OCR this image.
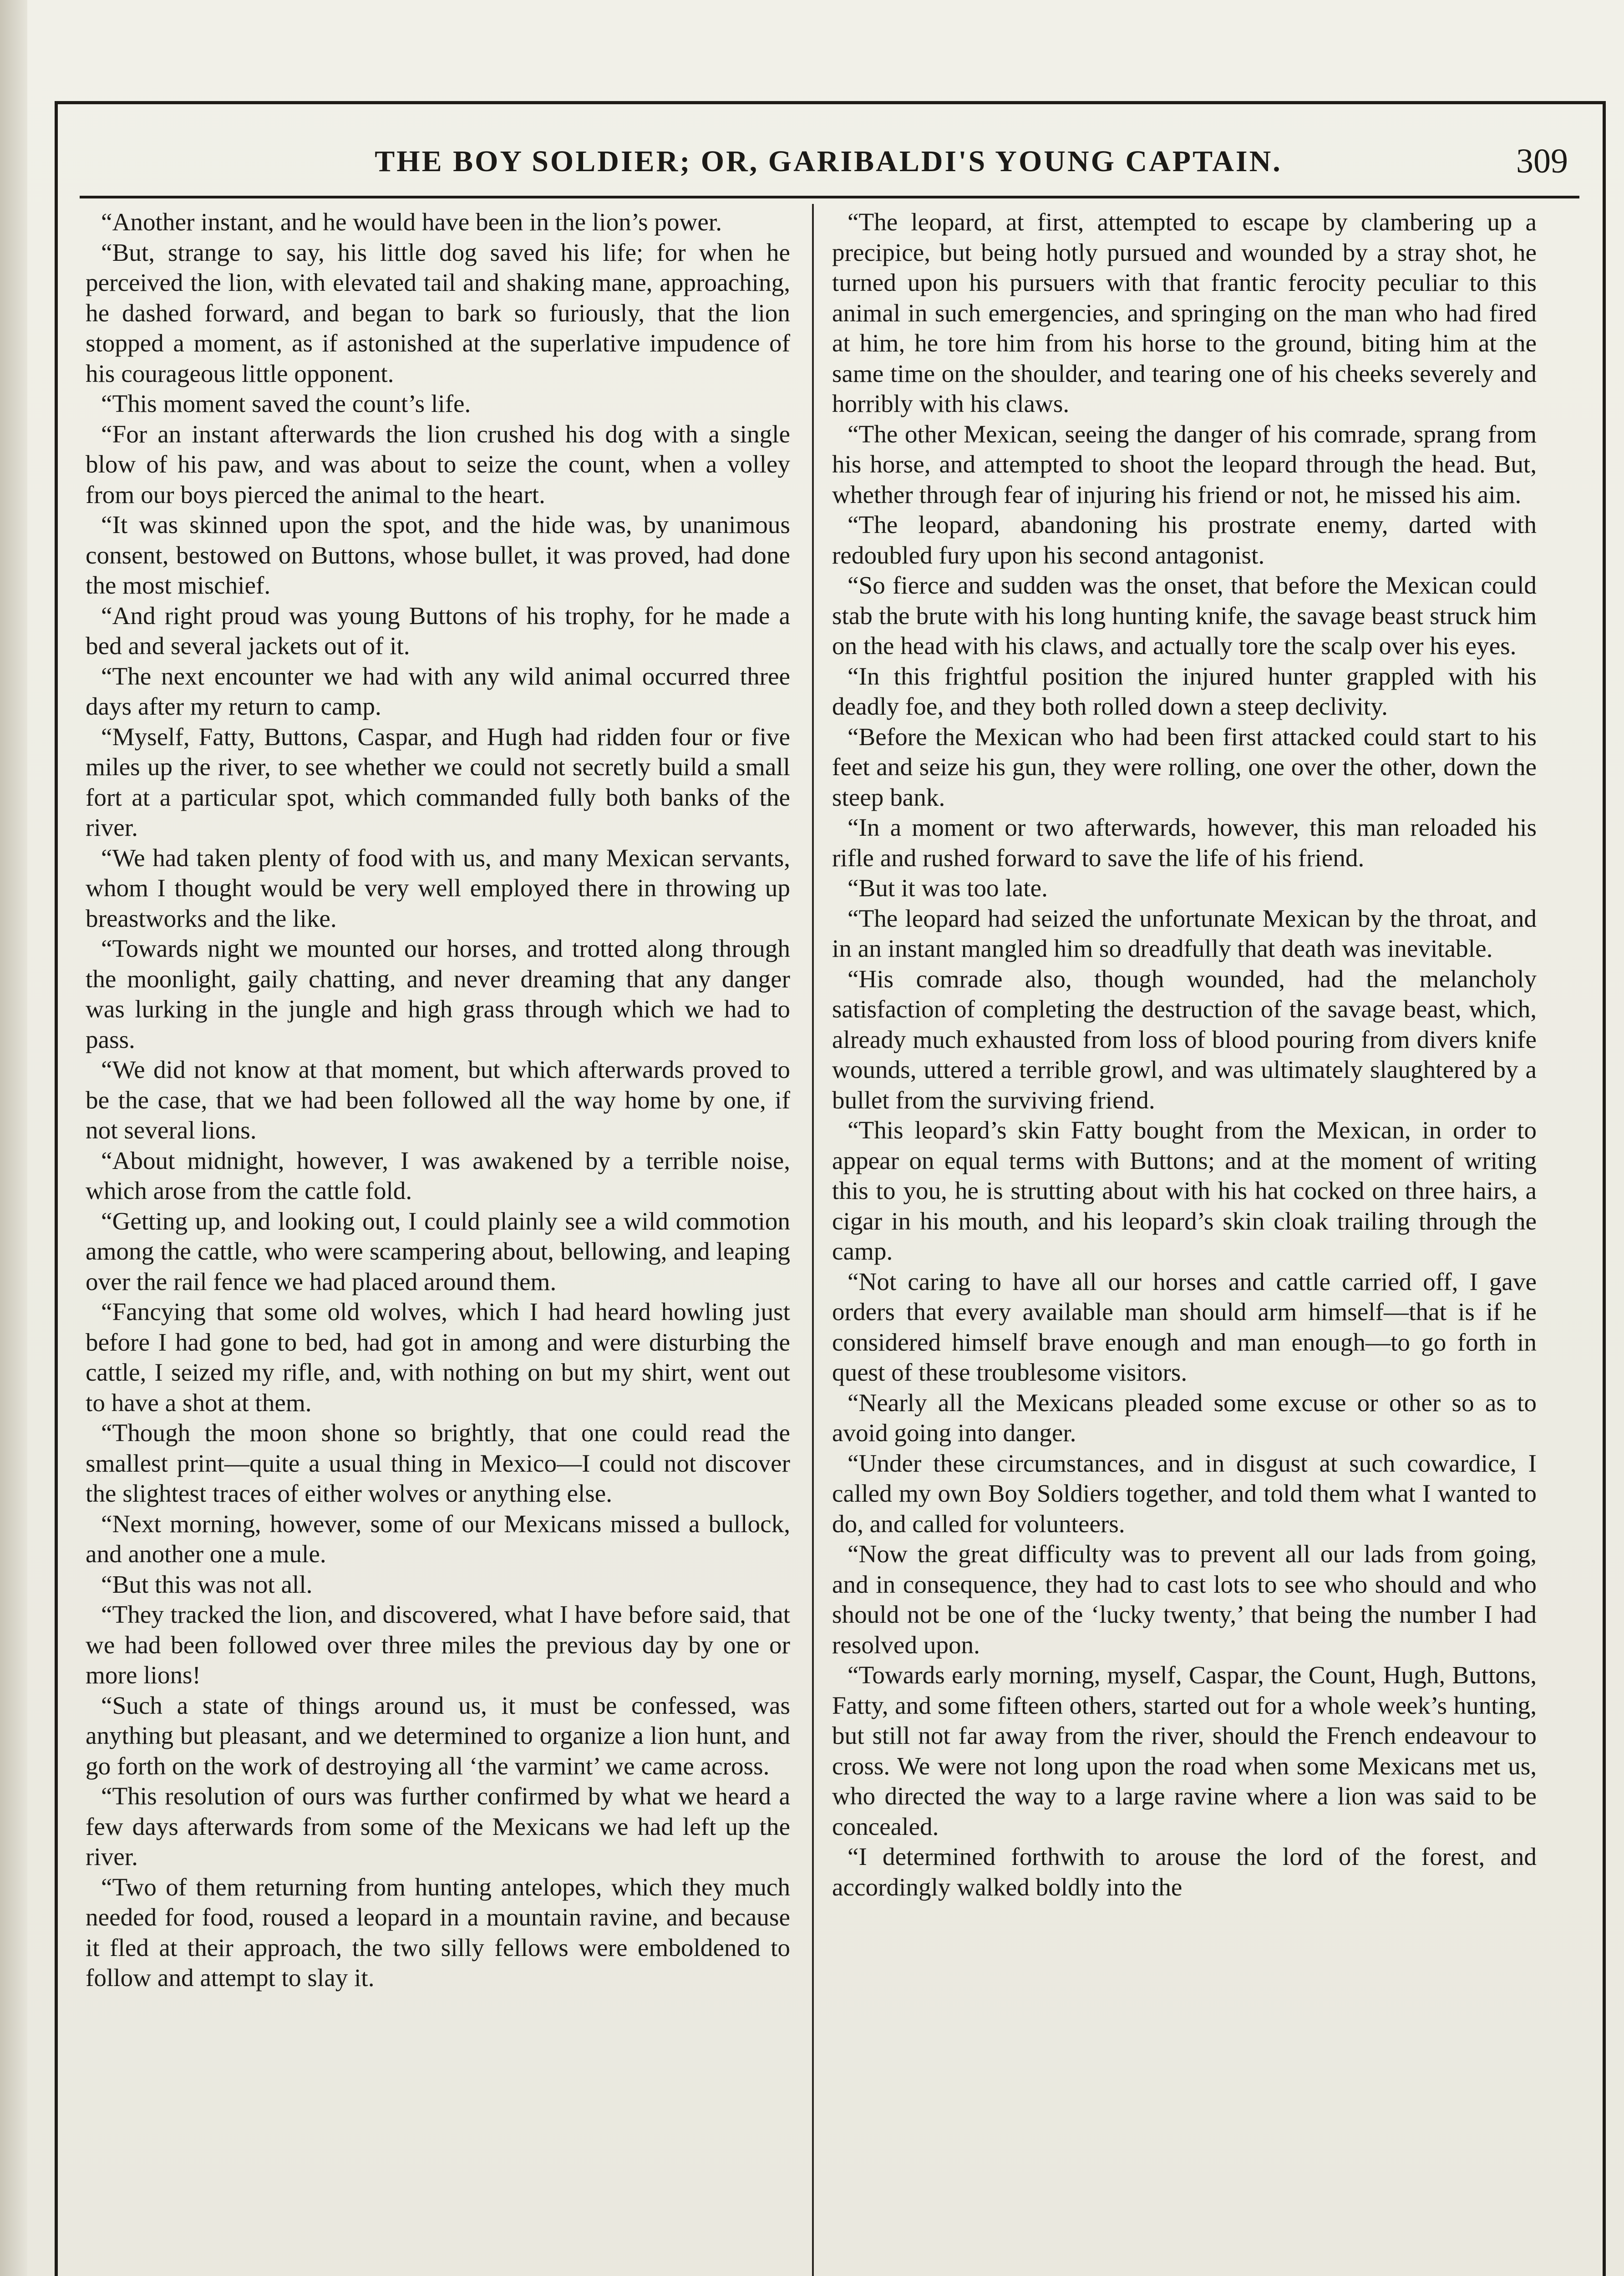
THE BOY SOLDIER; OR, GARIBALDI'S YOUNG CAPTAIN.	309

“Another instant, and he would have been in the lion’s power.

“But, strange to say, his little dog saved his life; for when he perceived the lion, with elevated tail and shaking mane, approaching, he dashed forward, and began to bark so furiously, that the lion stopped a moment, as if astonished at the superlative impudence of his courageous little opponent.

“This moment saved the count’s life.

“For an instant afterwards the lion crushed his dog with a single blow of his paw, and was about to seize the count, when a volley from our boys pierced the animal to the heart.

“It was skinned upon the spot, and the hide was, by unanimous consent, bestowed on Buttons, whose bullet, it was proved, had done the most mischief.

“And right proud was young Buttons of his trophy, for he made a bed and several jackets out of it.

“The next encounter we had with any wild animal occurred three days after my return to camp.

“Myself, Fatty, Buttons, Caspar, and Hugh had ridden four or five miles up the river, to see whether we could not secretly build a small fort at a particular spot, which commanded fully both banks of the river.

“We had taken plenty of food with us, and many Mexican servants, whom I thought would be very well employed there in throwing up breastworks and the like.

“Towards night we mounted our horses, and trotted along through the moonlight, gaily chatting, and never dreaming that any danger was lurking in the jungle and high grass through which we had to pass.

“We did not know at that moment, but which afterwards proved to be the case, that we had been followed all the way home by one, if not several lions.

“About midnight, however, I was awakened by a terrible noise, which arose from the cattle fold.

“Getting up, and looking out, I could plainly see a wild commotion among the cattle, who were scampering about, bellowing, and leaping over the rail fence we had placed around them.

“Fancying that some old wolves, which I had heard howling just before I had gone to bed, had got in among and were disturbing the cattle, I seized my rifle, and, with nothing on but my shirt, went out to have a shot at them.

“Though the moon shone so brightly, that one could read the smallest print—quite a usual thing in Mexico—I could not discover the slightest traces of either wolves or anything else.

“Next morning, however, some of our Mexicans missed a bullock, and another one a mule.

“But this was not all.

“They tracked the lion, and discovered, what I have before said, that we had been followed over three miles the previous day by one or more lions!

“Such a state of things around us, it must be confessed, was anything but pleasant, and we determined to organize a lion hunt, and go forth on the work of destroying all ‘the varmint’ we came across.

“This resolution of ours was further confirmed by what we heard a few days afterwards from some of the Mexicans we had left up the river.

“Two of them returning from hunting antelopes, which they much needed for food, roused a leopard in a mountain ravine, and because it fled at their approach, the two silly fellows were emboldened to follow and attempt to slay it.

“The leopard, at first, attempted to escape by clambering up a precipice, but being hotly pursued and wounded by a stray shot, he turned upon his pursuers with that frantic ferocity peculiar to this animal in such emergencies, and springing on the man who had fired at him, he tore him from his horse to the ground, biting him at the same time on the shoulder, and tearing one of his cheeks severely and horribly with his claws.

“The other Mexican, seeing the danger of his comrade, sprang from his horse, and attempted to shoot the leopard through the head. But, whether through fear of injuring his friend or not, he missed his aim.

“The leopard, abandoning his prostrate enemy, darted with redoubled fury upon his second antagonist.

“So fierce and sudden was the onset, that before the Mexican could stab the brute with his long hunting knife, the savage beast struck him on the head with his claws, and actually tore the scalp over his eyes.

“In this frightful position the injured hunter grappled with his deadly foe, and they both rolled down a steep declivity.

“Before the Mexican who had been first attacked could start to his feet and seize his gun, they were rolling, one over the other, down the steep bank.

“In a moment or two afterwards, however, this man reloaded his rifle and rushed forward to save the life of his friend.

“But it was too late.

“The leopard had seized the unfortunate Mexican by the throat, and in an instant mangled him so dreadfully that death was inevitable.

“His comrade also, though wounded, had the melancholy satisfaction of completing the destruction of the savage beast, which, already much exhausted from loss of blood pouring from divers knife wounds, uttered a terrible growl, and was ultimately slaughtered by a bullet from the surviving friend.

“This leopard’s skin Fatty bought from the Mexican, in order to appear on equal terms with Buttons; and at the moment of writing this to you, he is strutting about with his hat cocked on three hairs, a cigar in his mouth, and his leopard’s skin cloak trailing through the camp.

“Not caring to have all our horses and cattle carried off, I gave orders that every available man should arm himself—that is if he considered himself brave enough and man enough—to go forth in quest of these troublesome visitors.

“Nearly all the Mexicans pleaded some excuse or other so as to avoid going into danger.

“Under these circumstances, and in disgust at such cowardice, I called my own Boy Soldiers together, and told them what I wanted to do, and called for volunteers.

“Now the great difficulty was to prevent all our lads from going, and in consequence, they had to cast lots to see who should and who should not be one of the ‘lucky twenty,’ that being the number I had resolved upon.

“Towards early morning, myself, Caspar, the Count, Hugh, Buttons, Fatty, and some fifteen others, started out for a whole week’s hunting, but still not far away from the river, should the French endeavour to cross. We were not long upon the road when some Mexicans met us, who directed the way to a large ravine where a lion was said to be concealed.

“I determined forthwith to arouse the lord of the forest, and accordingly walked boldly into the
